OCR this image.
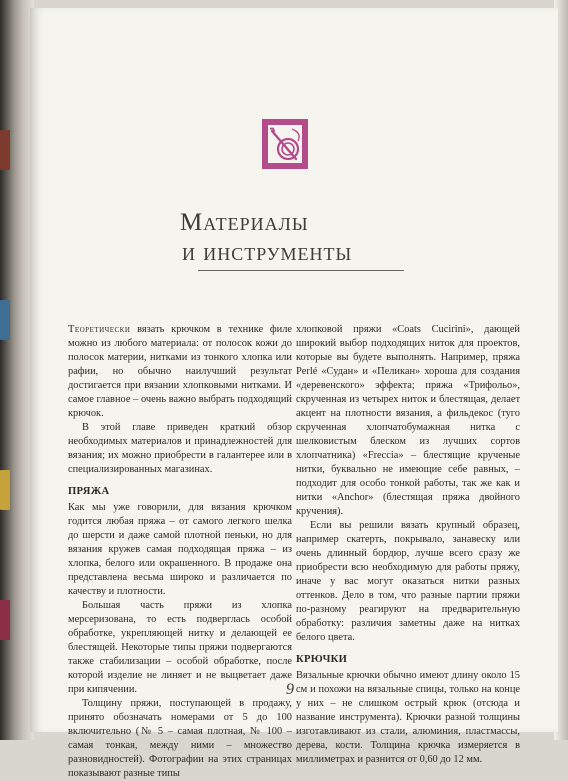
Материалы
и инструменты

Теоретически вязать крючком в технике филе можно из любого материала: от полосок кожи до полосок материи, нитками из тонкого хлопка или рафии, но обычно наилучший результат достигается при вязании хлопковыми нитками. И самое главное – очень важно выбрать подходящий крючок.

В этой главе приведен краткий обзор необходимых материалов и принадлежностей для вязания; их можно приобрести в галантерее или в специализированных магазинах.

ПРЯЖА

Как мы уже говорили, для вязания крючком годится любая пряжа – от самого легкого шелка до шерсти и даже самой плотной пеньки, но для вязания кружев самая подходящая пряжа – из хлопка, белого или окрашенного. В продаже она представлена весьма широко и различается по качеству и плотности.

Большая часть пряжи из хлопка мерсеризована, то есть подверглась особой обработке, укрепляющей нитку и делающей ее блестящей. Некоторые типы пряжи подвергаются также стабилизации – особой обработке, после которой изделие не линяет и не выцветает даже при кипячении.

Толщину пряжи, поступающей в продажу, принято обозначать номерами от 5 до 100 включительно (№ 5 – самая плотная, № 100 – самая тонкая, между ними – множество разновидностей). Фотографии на этих страницах показывают разные типы

хлопковой пряжи «Coats Cucirini», дающей широкий выбор подходящих ниток для проектов, которые вы будете выполнять. Например, пряжа Perlé «Судан» и «Пеликан» хороша для создания «деревенского» эффекта; пряжа «Трифольо», скрученная из четырех ниток и блестящая, делает акцент на плотности вязания, а фильдекос (туго скрученная хлопчатобумажная нитка с шелковистым блеском из лучших сортов хлопчатника) «Freccia» – блестящие крученые нитки, буквально не имеющие себе равных, – подходит для особо тонкой работы, так же как и нитки «Anchor» (блестящая пряжа двойного кручения).

Если вы решили вязать крупный образец, например скатерть, покрывало, занавеску или очень длинный бордюр, лучше всего сразу же приобрести всю необходимую для работы пряжу, иначе у вас могут оказаться нитки разных оттенков. Дело в том, что разные партии пряжи по-разному реагируют на предварительную обработку: различия заметны даже на нитках белого цвета.

КРЮЧКИ

Вязальные крючки обычно имеют длину около 15 см и похожи на вязальные спицы, только на конце у них – не слишком острый крюк (отсюда и название инструмента). Крючки разной толщины изготавливают из стали, алюминия, пластмассы, дерева, кости. Толщина крючка измеряется в миллиметрах и разнится от 0,60 до 12 мм.

9
